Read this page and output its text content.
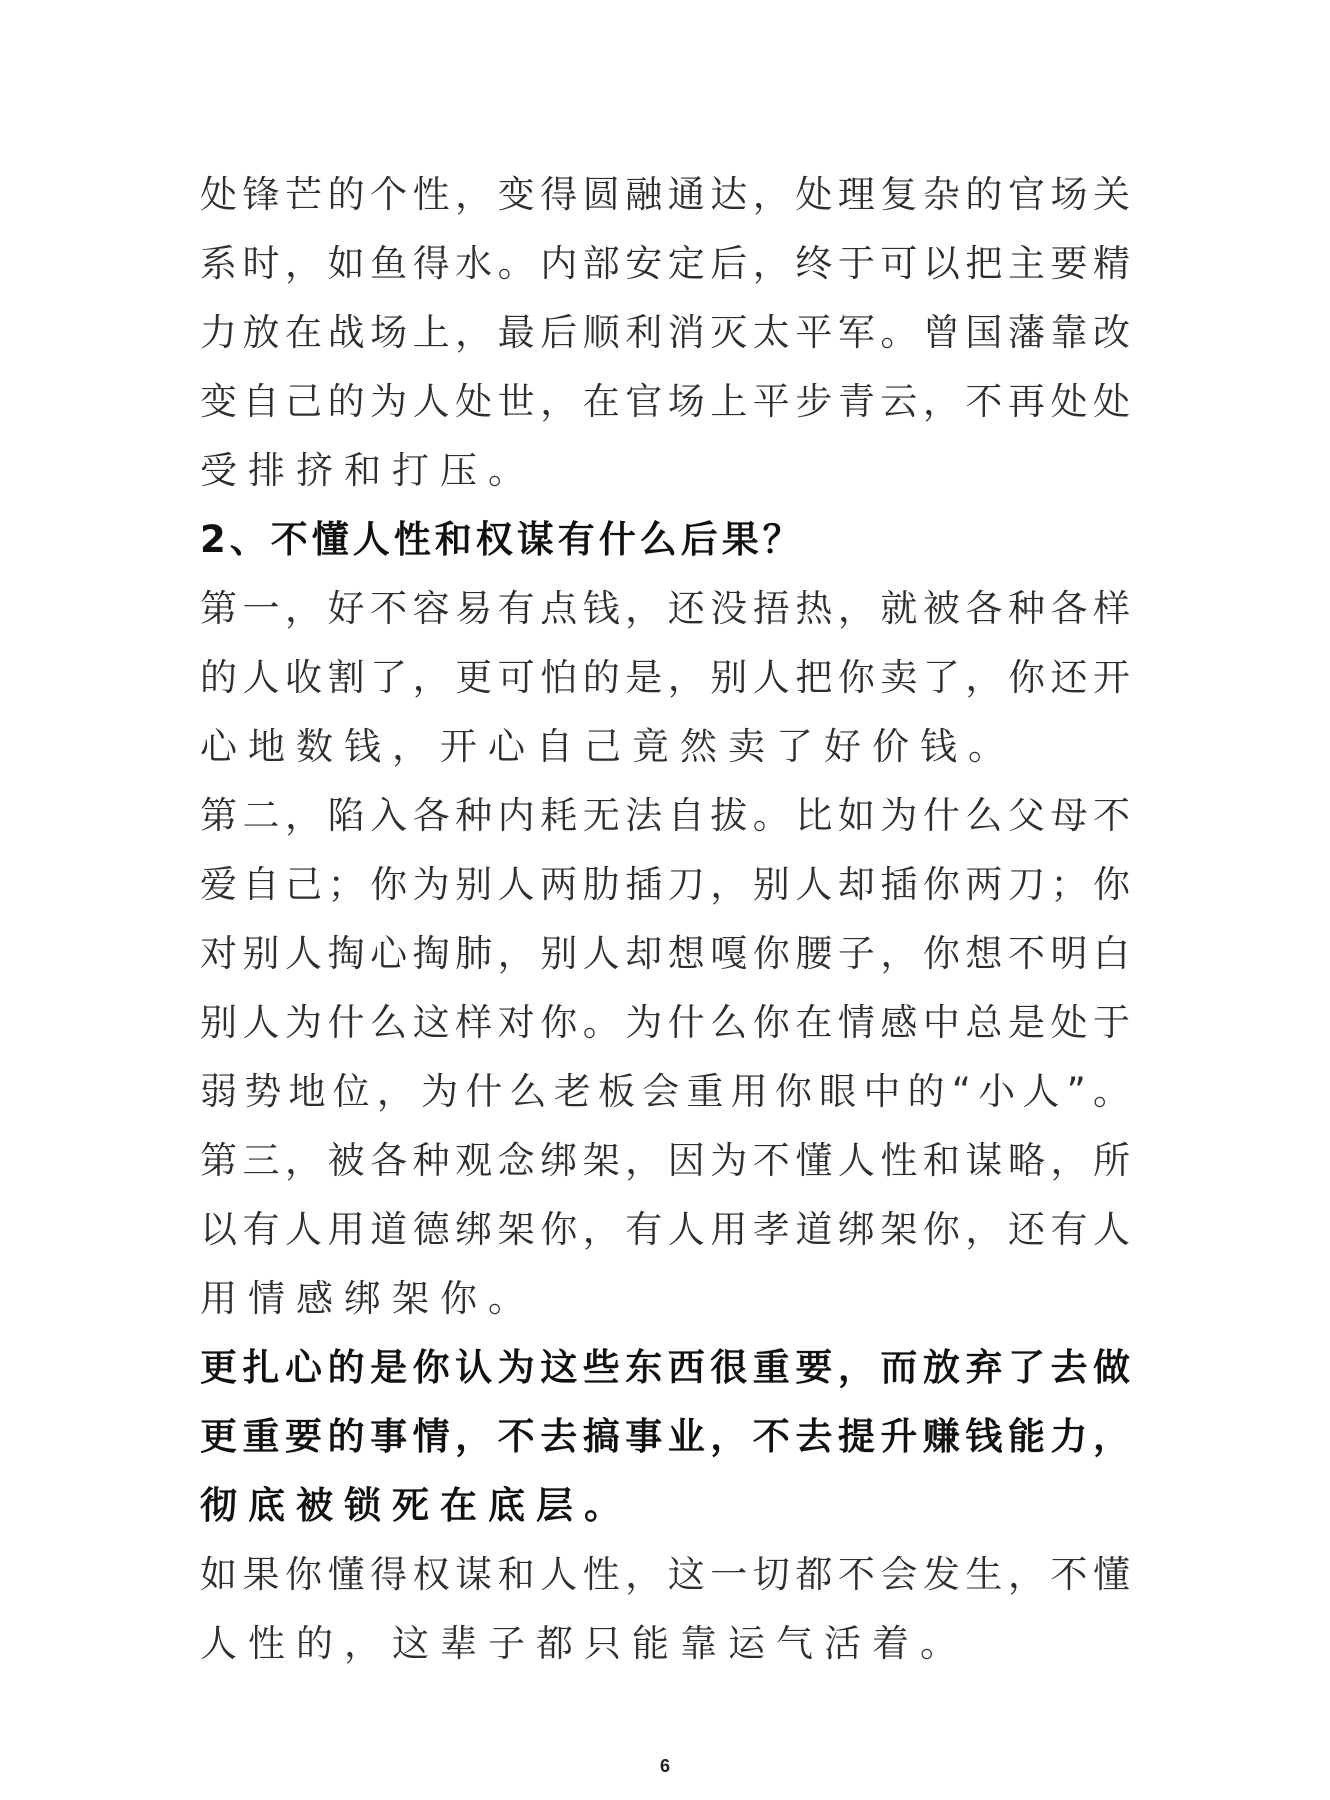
处锋芒的个性，变得圆融通达，处理复杂的官场关
系时，如鱼得水。内部安定后，终于可以把主要精
力放在战场上，最后顺利消灭太平军。曾国藩靠改
变自己的为人处世，在官场上平步青云，不再处处
受排挤和打压。
2、不懂人性和权谋有什么后果？
第一，好不容易有点钱，还没捂热，就被各种各样
的人收割了，更可怕的是，别人把你卖了，你还开
心地数钱，开心自己竟然卖了好价钱。
第二，陷入各种内耗无法自拔。比如为什么父母不
爱自己；你为别人两肋插刀，别人却插你两刀；你
对别人掏心掏肺，别人却想嘎你腰子，你想不明白
别人为什么这样对你。为什么你在情感中总是处于
弱势地位，为什么老板会重用你眼中的“小人”。
第三，被各种观念绑架，因为不懂人性和谋略，所
以有人用道德绑架你，有人用孝道绑架你，还有人
用情感绑架你。
更扎心的是你认为这些东西很重要，而放弃了去做
更重要的事情，不去搞事业，不去提升赚钱能力，
彻底被锁死在底层。
如果你懂得权谋和人性，这一切都不会发生，不懂
人性的，这辈子都只能靠运气活着。
6
